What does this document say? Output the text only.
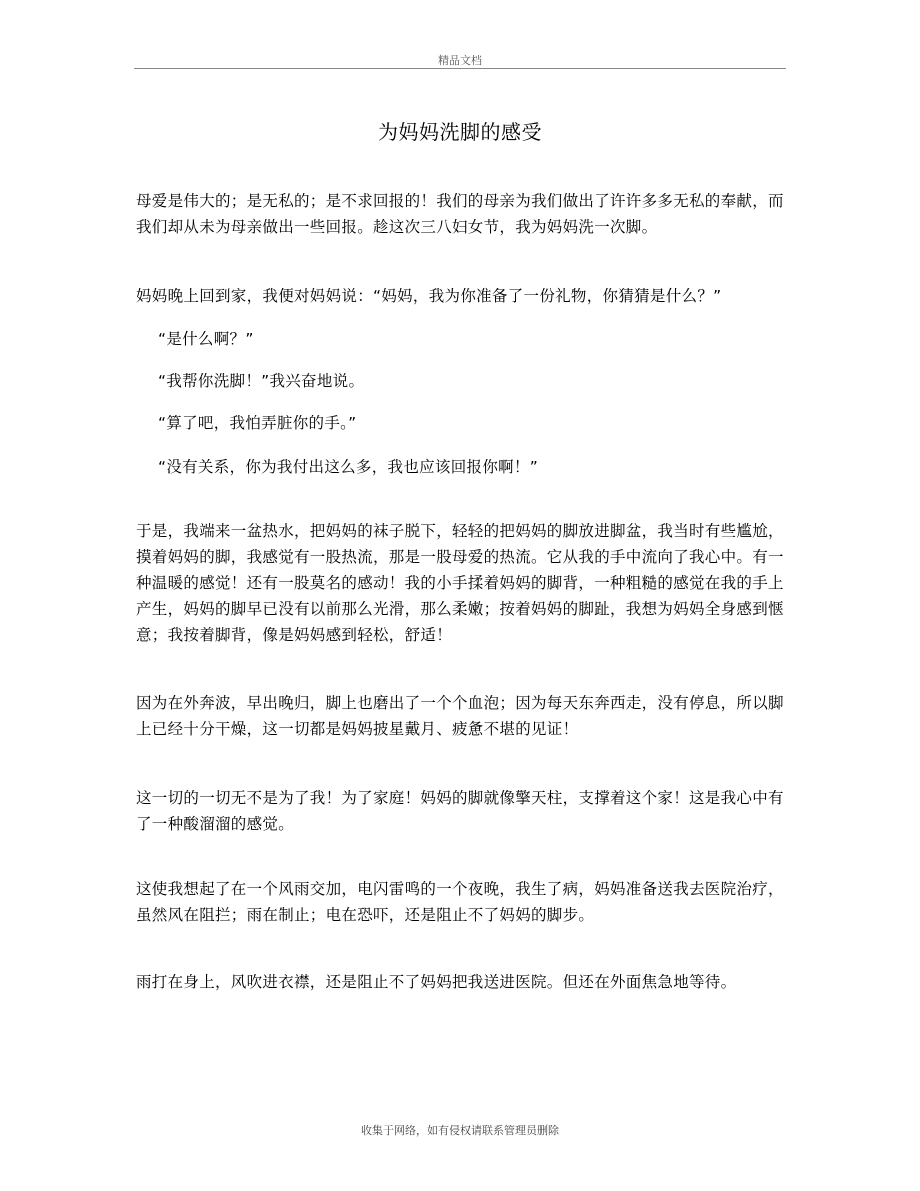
精品文档
为妈妈洗脚的感受
母爱是伟大的；是无私的；是不求回报的！我们的母亲为我们做出了许许多多无私的奉献，而我们却从未为母亲做出一些回报。趁这次三八妇女节，我为妈妈洗一次脚。
妈妈晚上回到家，我便对妈妈说：“妈妈，我为你准备了一份礼物，你猜猜是什么？”
“是什么啊？”
“我帮你洗脚！”我兴奋地说。
“算了吧，我怕弄脏你的手。”
“没有关系，你为我付出这么多，我也应该回报你啊！”
于是，我端来一盆热水，把妈妈的袜子脱下，轻轻的把妈妈的脚放进脚盆，我当时有些尴尬，摸着妈妈的脚，我感觉有一股热流，那是一股母爱的热流。它从我的手中流向了我心中。有一种温暖的感觉！还有一股莫名的感动！我的小手揉着妈妈的脚背，一种粗糙的感觉在我的手上产生，妈妈的脚早已没有以前那么光滑，那么柔嫩；按着妈妈的脚趾，我想为妈妈全身感到惬意；我按着脚背，像是妈妈感到轻松，舒适！
因为在外奔波，早出晚归，脚上也磨出了一个个血泡；因为每天东奔西走，没有停息，所以脚上已经十分干燥，这一切都是妈妈披星戴月、疲惫不堪的见证！
这一切的一切无不是为了我！为了家庭！妈妈的脚就像擎天柱，支撑着这个家！这是我心中有了一种酸溜溜的感觉。
这使我想起了在一个风雨交加，电闪雷鸣的一个夜晚，我生了病，妈妈准备送我去医院治疗，虽然风在阻拦；雨在制止；电在恐吓，还是阻止不了妈妈的脚步。
雨打在身上，风吹进衣襟，还是阻止不了妈妈把我送进医院。但还在外面焦急地等待。
收集于网络，如有侵权请联系管理员删除
